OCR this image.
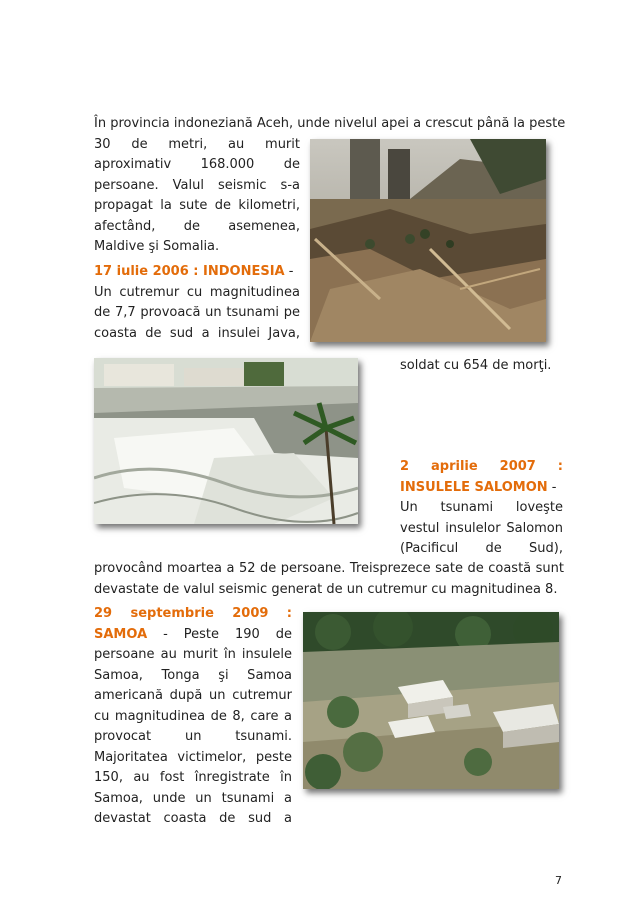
În provincia indoneziană Aceh, unde nivelul apei a crescut până la peste

30 de metri, au murit
aproximativ 168.000 de
persoane. Valul seismic s-a
propagat la sute de kilometri,
afectând, de asemenea,
Maldive şi Somalia.

17 iulie 2006 : INDONESIA -
Un cutremur cu magnitudinea
de 7,7 provoacă un tsunami pe
coasta de sud a insulei Java,

soldat cu 654 de morţi.

2 aprilie 2007 :
INSULELE SALOMON -
Un tsunami loveşte
vestul insulelor Salomon
(Pacificul de Sud),

provocând moartea a 52 de persoane. Treisprezece sate de coastă sunt
devastate de valul seismic generat de un cutremur cu magnitudinea 8.

29 septembrie 2009 :
SAMOA - Peste 190 de
persoane au murit în insulele
Samoa, Tonga şi Samoa
americană după un cutremur
cu magnitudinea de 8, care a
provocat un tsunami.
Majoritatea victimelor, peste
150, au fost înregistrate în
Samoa, unde un tsunami a
devastat coasta de sud a

7
